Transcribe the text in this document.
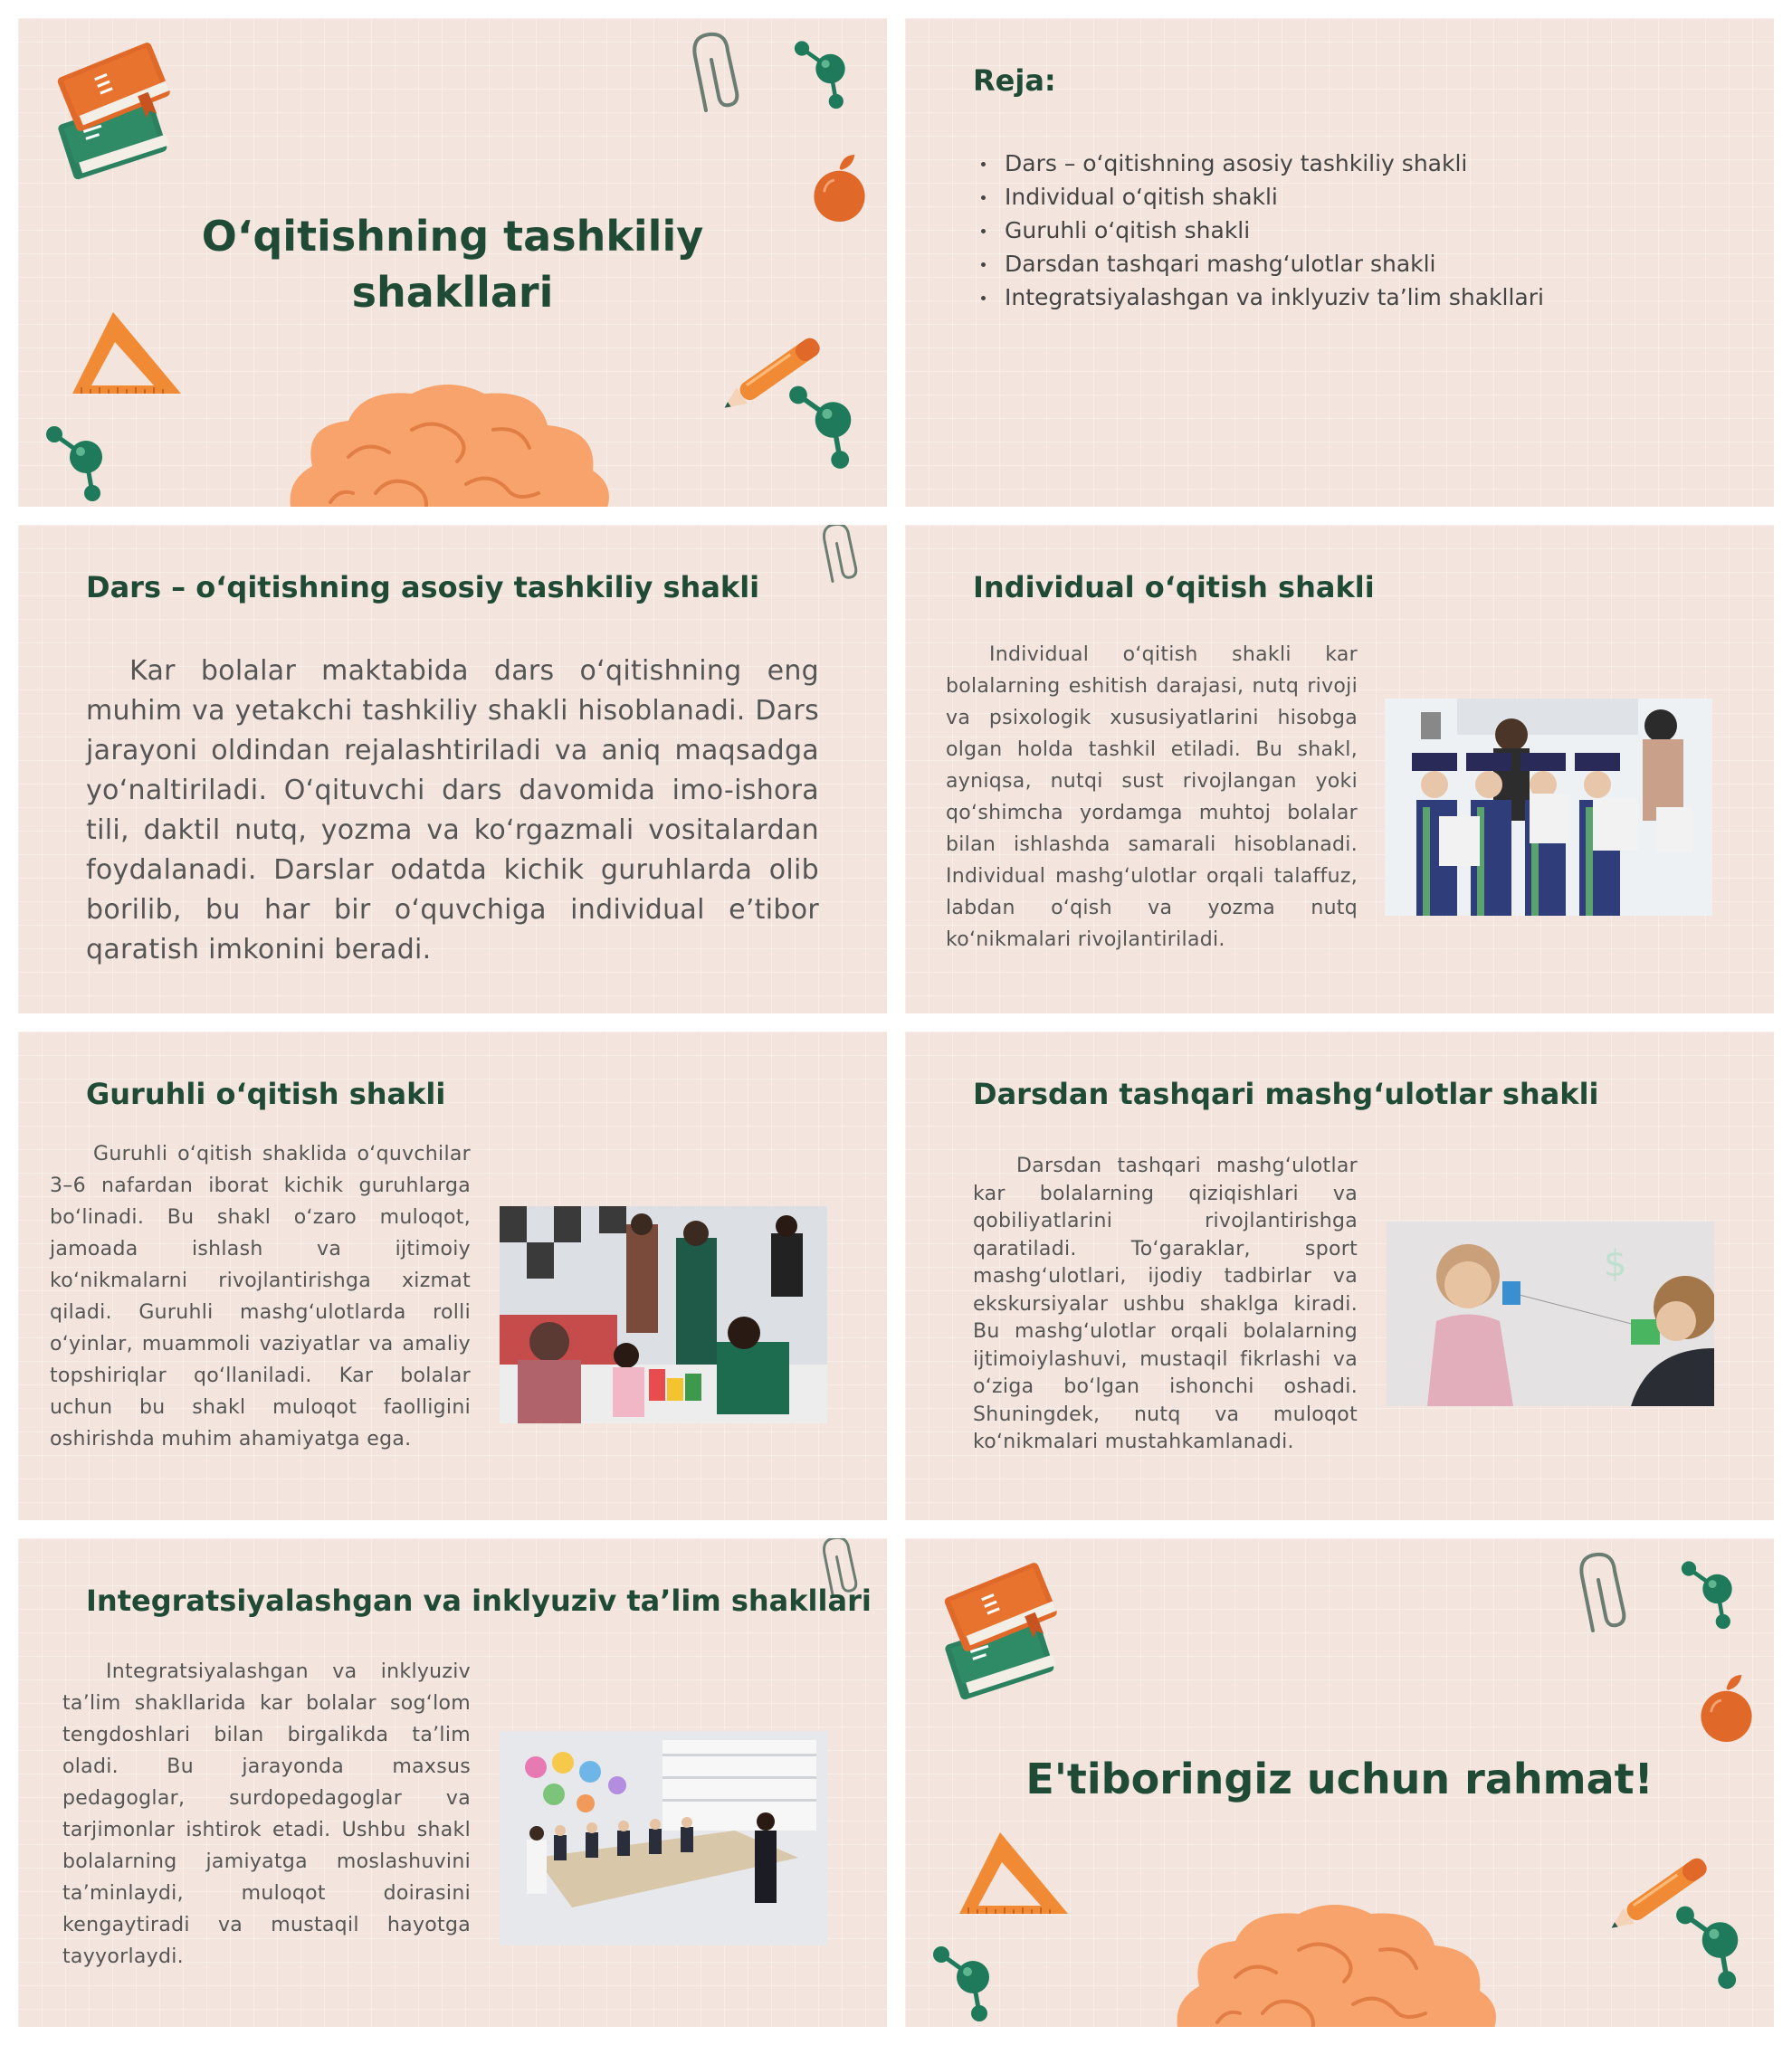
Oʻqitishning tashkiliy
shakllari
Reja:
Dars – oʻqitishning asosiy tashkiliy shakli
Individual oʻqitish shakli
Guruhli oʻqitish shakli
Darsdan tashqari mashgʻulotlar shakli
Integratsiyalashgan va inklyuziv ta’lim shakllari
Dars – oʻqitishning asosiy tashkiliy shakli

Kar bolalar maktabida dars oʻqitishning eng muhim va yetakchi tashkiliy shakli hisoblanadi. Dars jarayoni oldindan rejalashtiriladi va aniq maqsadga yoʻnaltiriladi. Oʻqituvchi dars davomida imo-ishora tili, daktil nutq, yozma va koʻrgazmali vositalardan foydalanadi. Darslar odatda kichik guruhlarda olib borilib, bu har bir oʻquvchiga individual e’tibor qaratish imkonini beradi.

Individual oʻqitish shakli

Individual oʻqitish shakli kar bolalarning eshitish darajasi, nutq rivoji va psixologik xususiyatlarini hisobga olgan holda tashkil etiladi. Bu shakl, ayniqsa, nutqi sust rivojlangan yoki qoʻshimcha yordamga muhtoj bolalar bilan ishlashda samarali hisoblanadi. Individual mashgʻulotlar orqali talaffuz, labdan oʻqish va yozma nutq koʻnikmalari rivojlantiriladi.

Guruhli oʻqitish shakli

Guruhli oʻqitish shaklida oʻquvchilar 3–6 nafardan iborat kichik guruhlarga boʻlinadi. Bu shakl oʻzaro muloqot, jamoada ishlash va ijtimoiy koʻnikmalarni rivojlantirishga xizmat qiladi. Guruhli mashgʻulotlarda rolli oʻyinlar, muammoli vaziyatlar va amaliy topshiriqlar qoʻllaniladi. Kar bolalar uchun bu shakl muloqot faolligini oshirishda muhim ahamiyatga ega.

Darsdan tashqari mashgʻulotlar shakli

Darsdan tashqari mashgʻulotlar kar bolalarning qiziqishlari va qobiliyatlarini rivojlantirishga qaratiladi. Toʻgaraklar, sport mashgʻulotlari, ijodiy tadbirlar va ekskursiyalar ushbu shaklga kiradi. Bu mashgʻulotlar orqali bolalarning ijtimoiylashuvi, mustaqil fikrlashi va oʻziga boʻlgan ishonchi oshadi. Shuningdek, nutq va muloqot koʻnikmalari mustahkamlanadi.

$
Integratsiyalashgan va inklyuziv ta’lim shakllari

Integratsiyalashgan va inklyuziv ta’lim shakllarida kar bolalar sogʻlom tengdoshlari bilan birgalikda ta’lim oladi. Bu jarayonda maxsus pedagoglar, surdopedagoglar va tarjimonlar ishtirok etadi. Ushbu shakl bolalarning jamiyatga moslashuvini ta’minlaydi, muloqot doirasini kengaytiradi va mustaqil hayotga tayyorlaydi.

E'tiboringiz uchun rahmat!
